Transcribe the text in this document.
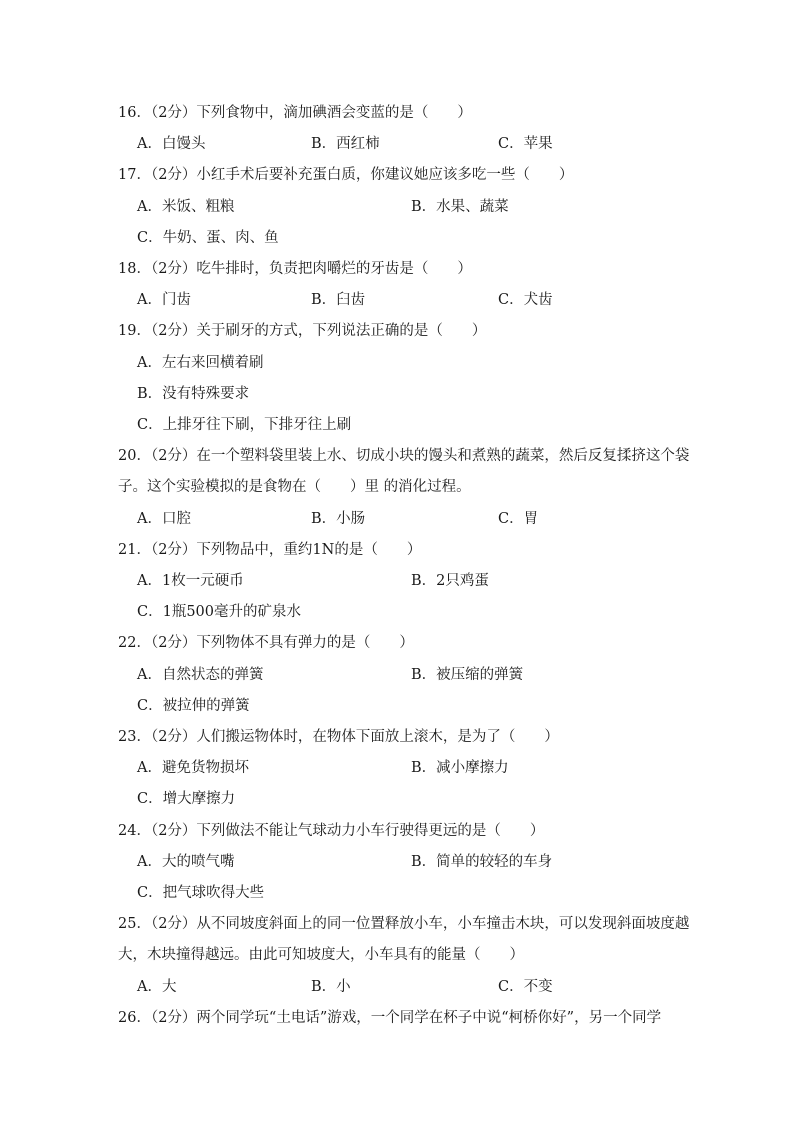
16．（2分）下列食物中，滴加碘酒会变蓝的是（　　）
A．白馒头	B．西红柿	C．苹果
17．（2分）小红手术后要补充蛋白质，你建议她应该多吃一些（　　）
A．米饭、粗粮	B．水果、蔬菜
C．牛奶、蛋、肉、鱼
18．（2分）吃牛排时，负责把肉嚼烂的牙齿是（　　）
A．门齿	B．臼齿	C．犬齿
19．（2分）关于刷牙的方式，下列说法正确的是（　　）
A．左右来回横着刷
B．没有特殊要求
C．上排牙往下刷，下排牙往上刷
20．（2分）在一个塑料袋里装上水、切成小块的馒头和煮熟的蔬菜，然后反复揉挤这个袋
子。这个实验模拟的是食物在（　　）里 的消化过程。
A．口腔	B．小肠	C．胃
21．（2分）下列物品中，重约1N的是（　　）
A．1枚一元硬币	B．2只鸡蛋
C．1瓶500毫升的矿泉水
22．（2分）下列物体不具有弹力的是（　　）
A．自然状态的弹簧	B．被压缩的弹簧
C．被拉伸的弹簧
23．（2分）人们搬运物体时，在物体下面放上滚木，是为了（　　）
A．避免货物损坏	B．减小摩擦力
C．增大摩擦力
24．（2分）下列做法不能让气球动力小车行驶得更远的是（　　）
A．大的喷气嘴	B．简单的较轻的车身
C．把气球吹得大些
25．（2分）从不同坡度斜面上的同一位置释放小车，小车撞击木块，可以发现斜面坡度越
大，木块撞得越远。由此可知坡度大，小车具有的能量（　　）
A．大	B．小	C．不变
26．（2分）两个同学玩“土电话”游戏，一个同学在杯子中说“柯桥你好”，另一个同学
